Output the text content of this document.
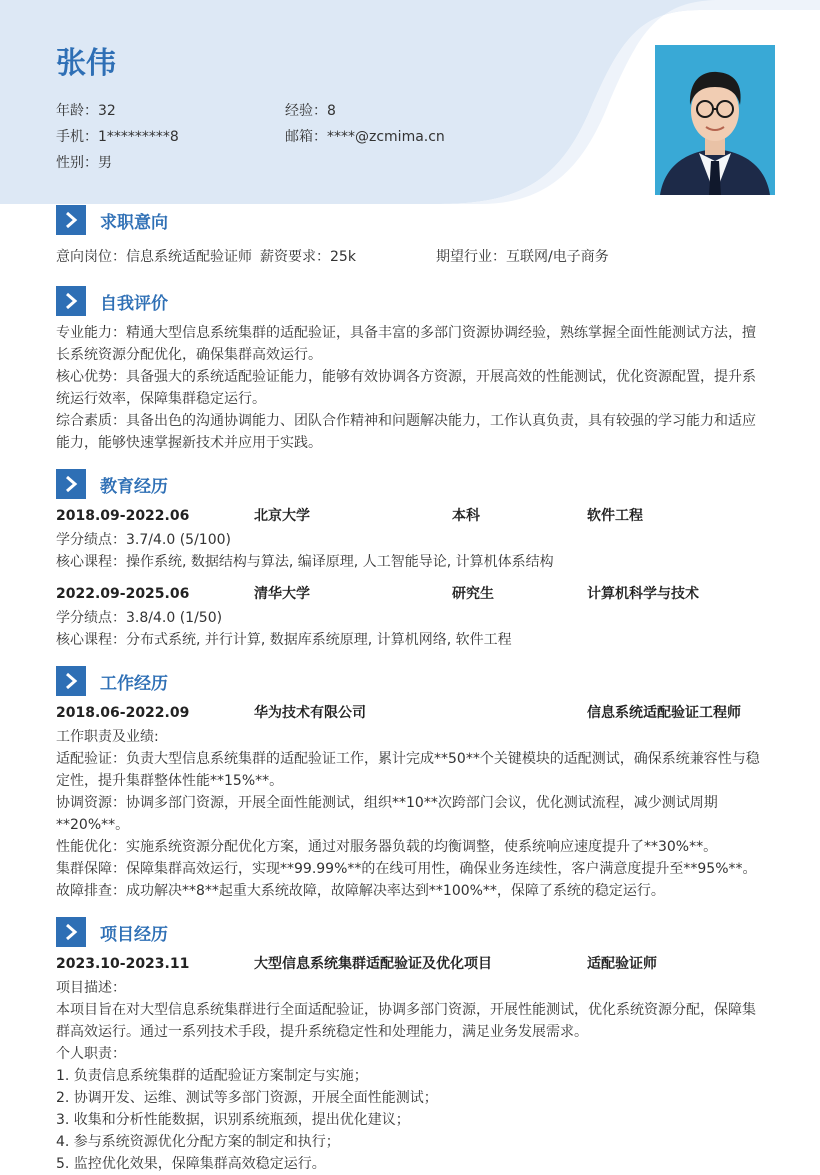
张伟
年龄：32	经验：8
手机：1*********8	邮箱：****@zcmima.cn
性别：男
求职意向
意向岗位：信息系统适配验证师 薪资要求：25k	期望行业：互联网/电子商务
自我评价
专业能力：精通大型信息系统集群的适配验证，具备丰富的多部门资源协调经验，熟练掌握全面性能测试方法，擅长系统资源分配优化，确保集群高效运行。
核心优势：具备强大的系统适配验证能力，能够有效协调各方资源，开展高效的性能测试，优化资源配置，提升系统运行效率，保障集群稳定运行。
综合素质：具备出色的沟通协调能力、团队合作精神和问题解决能力，工作认真负责，具有较强的学习能力和适应能力，能够快速掌握新技术并应用于实践。
教育经历
2018.09-2022.06	北京大学	本科	软件工程
学分绩点：3.7/4.0 (5/100)
核心课程：操作系统, 数据结构与算法, 编译原理, 人工智能导论, 计算机体系结构
2022.09-2025.06	清华大学	研究生	计算机科学与技术
学分绩点：3.8/4.0 (1/50)
核心课程：分布式系统, 并行计算, 数据库系统原理, 计算机网络, 软件工程
工作经历
2018.06-2022.09	华为技术有限公司	信息系统适配验证工程师
工作职责及业绩:
适配验证：负责大型信息系统集群的适配验证工作，累计完成**50**个关键模块的适配测试，确保系统兼容性与稳定性，提升集群整体性能**15%**。
协调资源：协调多部门资源，开展全面性能测试，组织**10**次跨部门会议，优化测试流程，减少测试周期**20%**。
性能优化：实施系统资源分配优化方案，通过对服务器负载的均衡调整，使系统响应速度提升了**30%**。
集群保障：保障集群高效运行，实现**99.99%**的在线可用性，确保业务连续性，客户满意度提升至**95%**。
故障排查：成功解决**8**起重大系统故障，故障解决率达到**100%**，保障了系统的稳定运行。
项目经历
2023.10-2023.11	大型信息系统集群适配验证及优化项目	适配验证师
项目描述：
本项目旨在对大型信息系统集群进行全面适配验证，协调多部门资源，开展性能测试，优化系统资源分配，保障集群高效运行。通过一系列技术手段，提升系统稳定性和处理能力，满足业务发展需求。
个人职责：
1. 负责信息系统集群的适配验证方案制定与实施；
2. 协调开发、运维、测试等多部门资源，开展全面性能测试；
3. 收集和分析性能数据，识别系统瓶颈，提出优化建议；
4. 参与系统资源优化分配方案的制定和执行；
5. 监控优化效果，保障集群高效稳定运行。
